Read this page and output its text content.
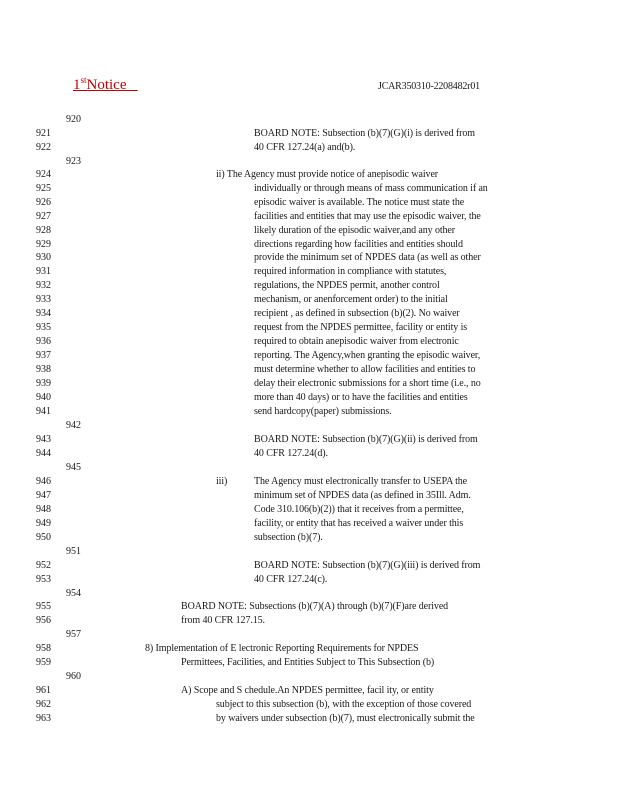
1stNotice	JCAR350310-2208482r01
920
921	BOARD NOTE: Subsection (b)(7)(G)(i) is derived from
922	40 CFR 127.24(a) and(b).
923
924	ii) The Agency must provide notice of anepisodic waiver
925	individually or through means of mass communication if an
926	episodic waiver is available. The notice must state the
927	facilities and entities that may use the episodic waiver, the
928	likely duration of the episodic waiver,and any other
929	directions regarding how facilities and entities should
930	provide the minimum set of NPDES data (as well as other
931	required information in compliance with statutes,
932	regulations, the NPDES permit, another control
933	mechanism, or anenforcement order) to the initial
934	recipient , as defined in subsection (b)(2). No waiver
935	request from the NPDES permittee, facility or entity is
936	required to obtain anepisodic waiver from electronic
937	reporting. The Agency,when granting the episodic waiver,
938	must determine whether to allow facilities and entities to
939	delay their electronic submissions for a short time (i.e., no
940	more than 40 days) or to have the facilities and entities
941	send hardcopy(paper) submissions.
942
943	BOARD NOTE: Subsection (b)(7)(G)(ii) is derived from
944	40 CFR 127.24(d).
945
946	The Agency must electronically transfer to USEPA the
947	minimum set of NPDES data (as defined in 35Ill. Adm.
948	Code 310.106(b)(2)) that it receives from a permittee,
949	facility, or entity that has received a waiver under this
950	subsection (b)(7).
951
952	BOARD NOTE: Subsection (b)(7)(G)(iii) is derived from
953	40 CFR 127.24(c).
954
955	BOARD NOTE: Subsections (b)(7)(A) through (b)(7)(F)are derived
956	from 40 CFR 127.15.
957
958	8) Implementation of E lectronic Reporting Requirements for NPDES
959	Permittees, Facilities, and Entities Subject to This Subsection (b)
960
961	A) Scope and S chedule.An NPDES permittee, facil ity, or entity
962	subject to this subsection (b), with the exception of those covered
963	by waivers under subsection (b)(7), must electronically submit the
iii)
